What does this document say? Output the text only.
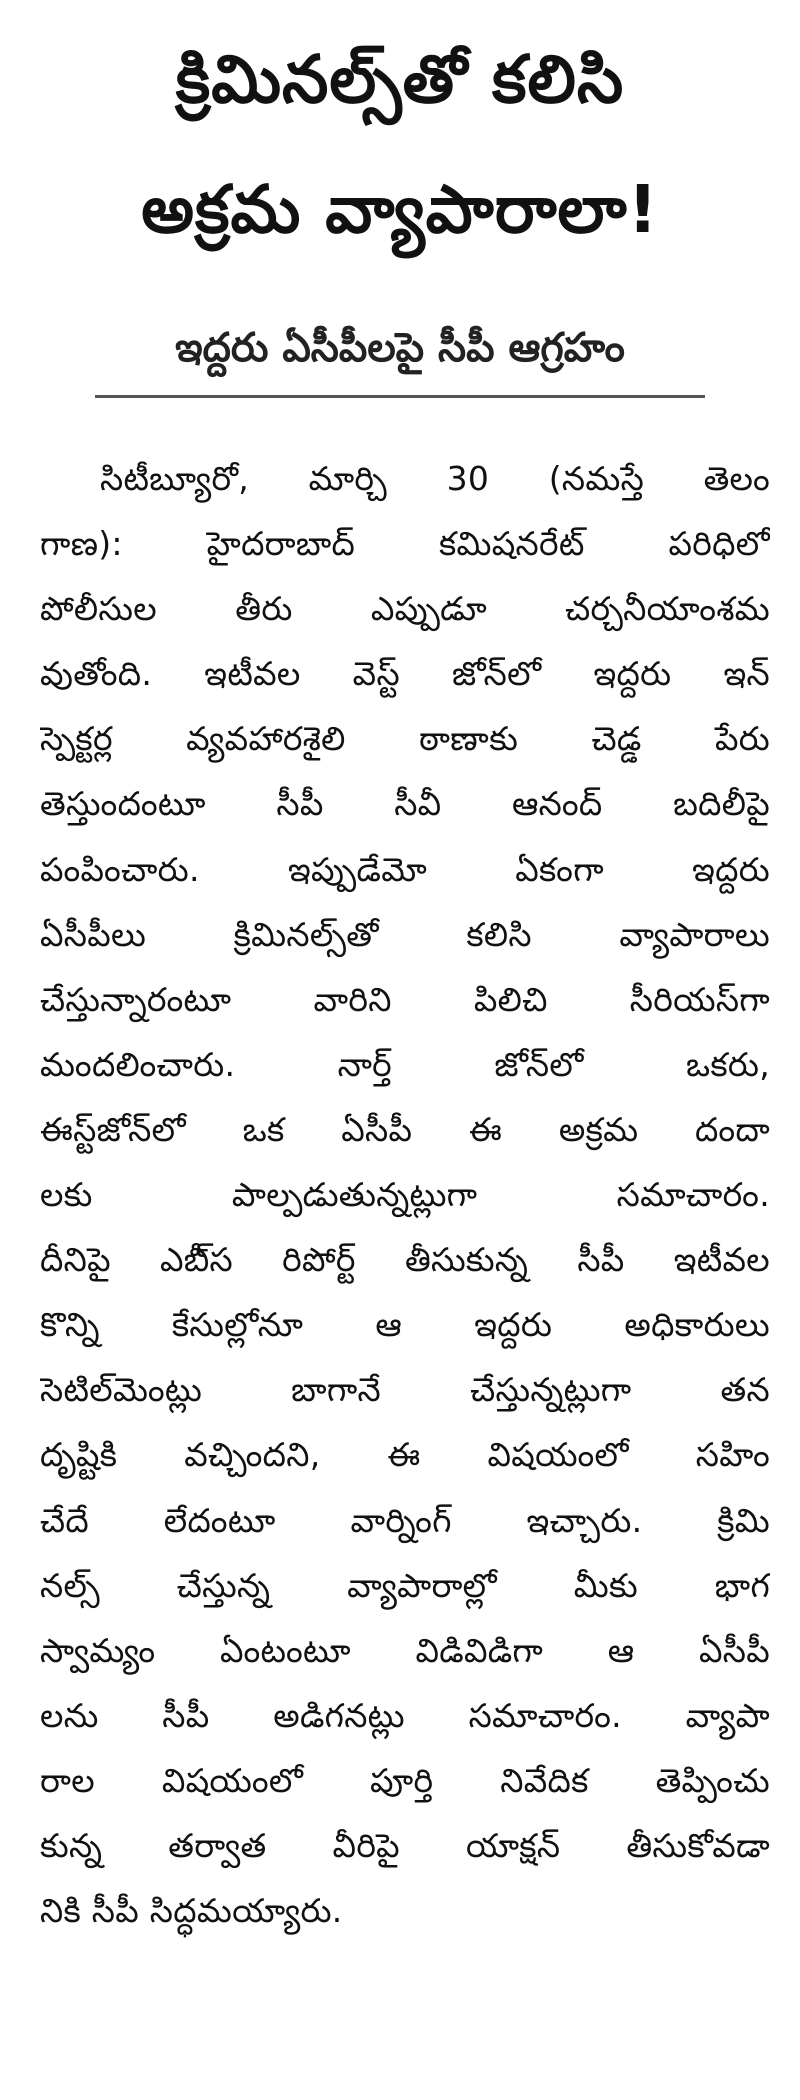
క్రిమినల్స్‌తో కలిసి
అక్రమ వ్యాపారాలా!
ఇద్దరు ఏసీపీలపై సీపీ ఆగ్రహం
సిటీబ్యూరో, మార్చి 30 (నమస్తే తెలం
గాణ): హైదరాబాద్ కమిషనరేట్ పరిధిలో
పోలీసుల తీరు ఎప్పుడూ చర్చనీయాంశమ
వుతోంది. ఇటీవల వెస్ట్ జోన్‌లో ఇద్దరు ఇన్
స్పెక్టర్ల వ్యవహారశైలి ఠాణాకు చెడ్డ పేరు
తెస్తుందంటూ సీపీ సీవీ ఆనంద్ బదిలీపై
పంపించారు. ఇప్పుడేమో ఏకంగా ఇద్దరు
ఏసీపీలు క్రిమినల్స్‌తో కలిసి వ్యాపారాలు
చేస్తున్నారంటూ వారిని పిలిచి సీరియస్‌గా
మందలించారు. నార్త్ జోన్‌లో ఒకరు,
ఈస్ట్‌జోన్‌లో ఒక ఏసీపీ ఈ అక్రమ దందా
లకు పాల్పడుతున్నట్లుగా సమాచారం.
దీనిపై ఎబీ్స రిపోర్ట్ తీసుకున్న సీపీ ఇటీవల
కొన్ని కేసుల్లోనూ ఆ ఇద్దరు అధికారులు
సెటిల్‌మెంట్లు బాగానే చేస్తున్నట్లుగా తన
దృష్టికి వచ్చిందని, ఈ విషయంలో సహిం
చేదే లేదంటూ వార్నింగ్ ఇచ్చారు. క్రిమి
నల్స్ చేస్తున్న వ్యాపారాల్లో మీకు భాగ
స్వామ్యం ఏంటంటూ విడివిడిగా ఆ ఏసీపీ
లను సీపీ అడిగనట్లు సమాచారం. వ్యాపా
రాల విషయంలో పూర్తి నివేదిక తెప్పించు
కున్న తర్వాత వీరిపై యాక్షన్ తీసుకోవడా
నికి సీపీ సిద్ధమయ్యారు.
